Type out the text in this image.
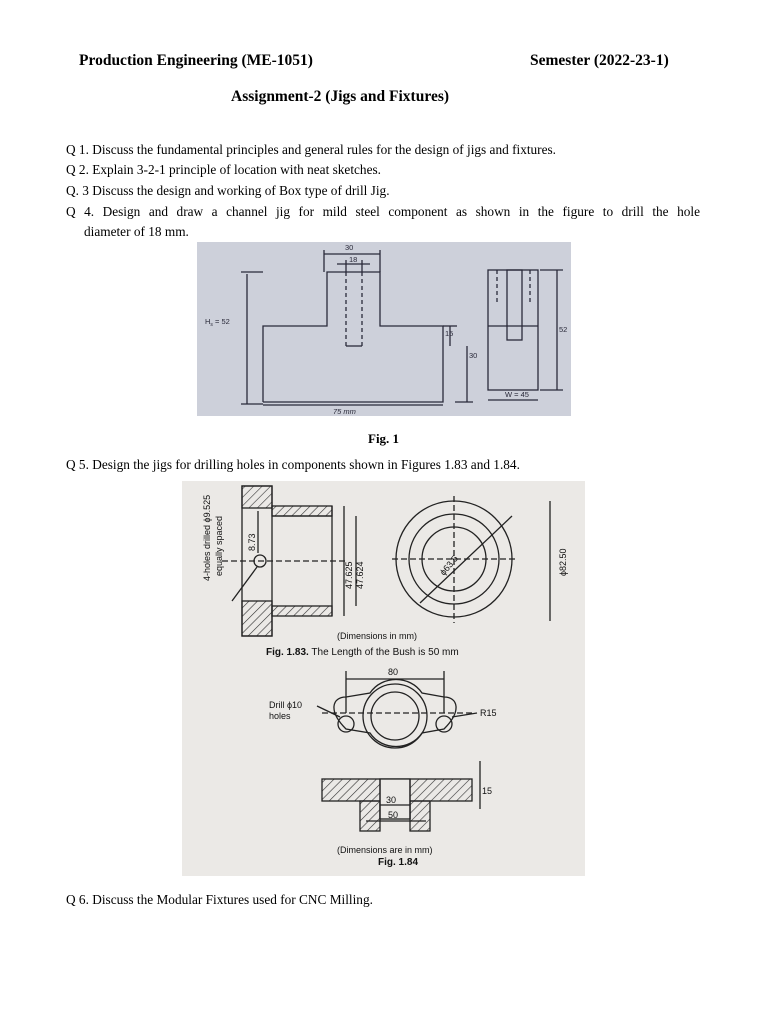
Production Engineering (ME-1051)	Semester (2022-23-1)
Assignment-2 (Jigs and Fixtures)
Q 1. Discuss the fundamental principles and general rules for the design of jigs and fixtures.
Q 2. Explain 3-2-1 principle of location with neat sketches.
Q. 3 Discuss the design and working of Box type of drill Jig.
Q 4. Design and draw a channel jig for mild steel component as shown in the figure to drill the hole
diameter of 18 mm.
30
18
$H_s = 52$
15
30
75 mm
52
W = 45
Fig. 1
Q 5. Design the jigs for drilling holes in components shown in Figures 1.83 and 1.84.
4-holes drilled ϕ9.525 equally spaced	8.73
47.625 47.624	ϕ63.5	ϕ82.50
(Dimensions in mm)
Fig. 1.83. The Length of the Bush is 50 mm
80
Drill ϕ10
holes	R15
15
30
50
(Dimensions are in mm)
Fig. 1.84
Q 6. Discuss the Modular Fixtures used for CNC Milling.
